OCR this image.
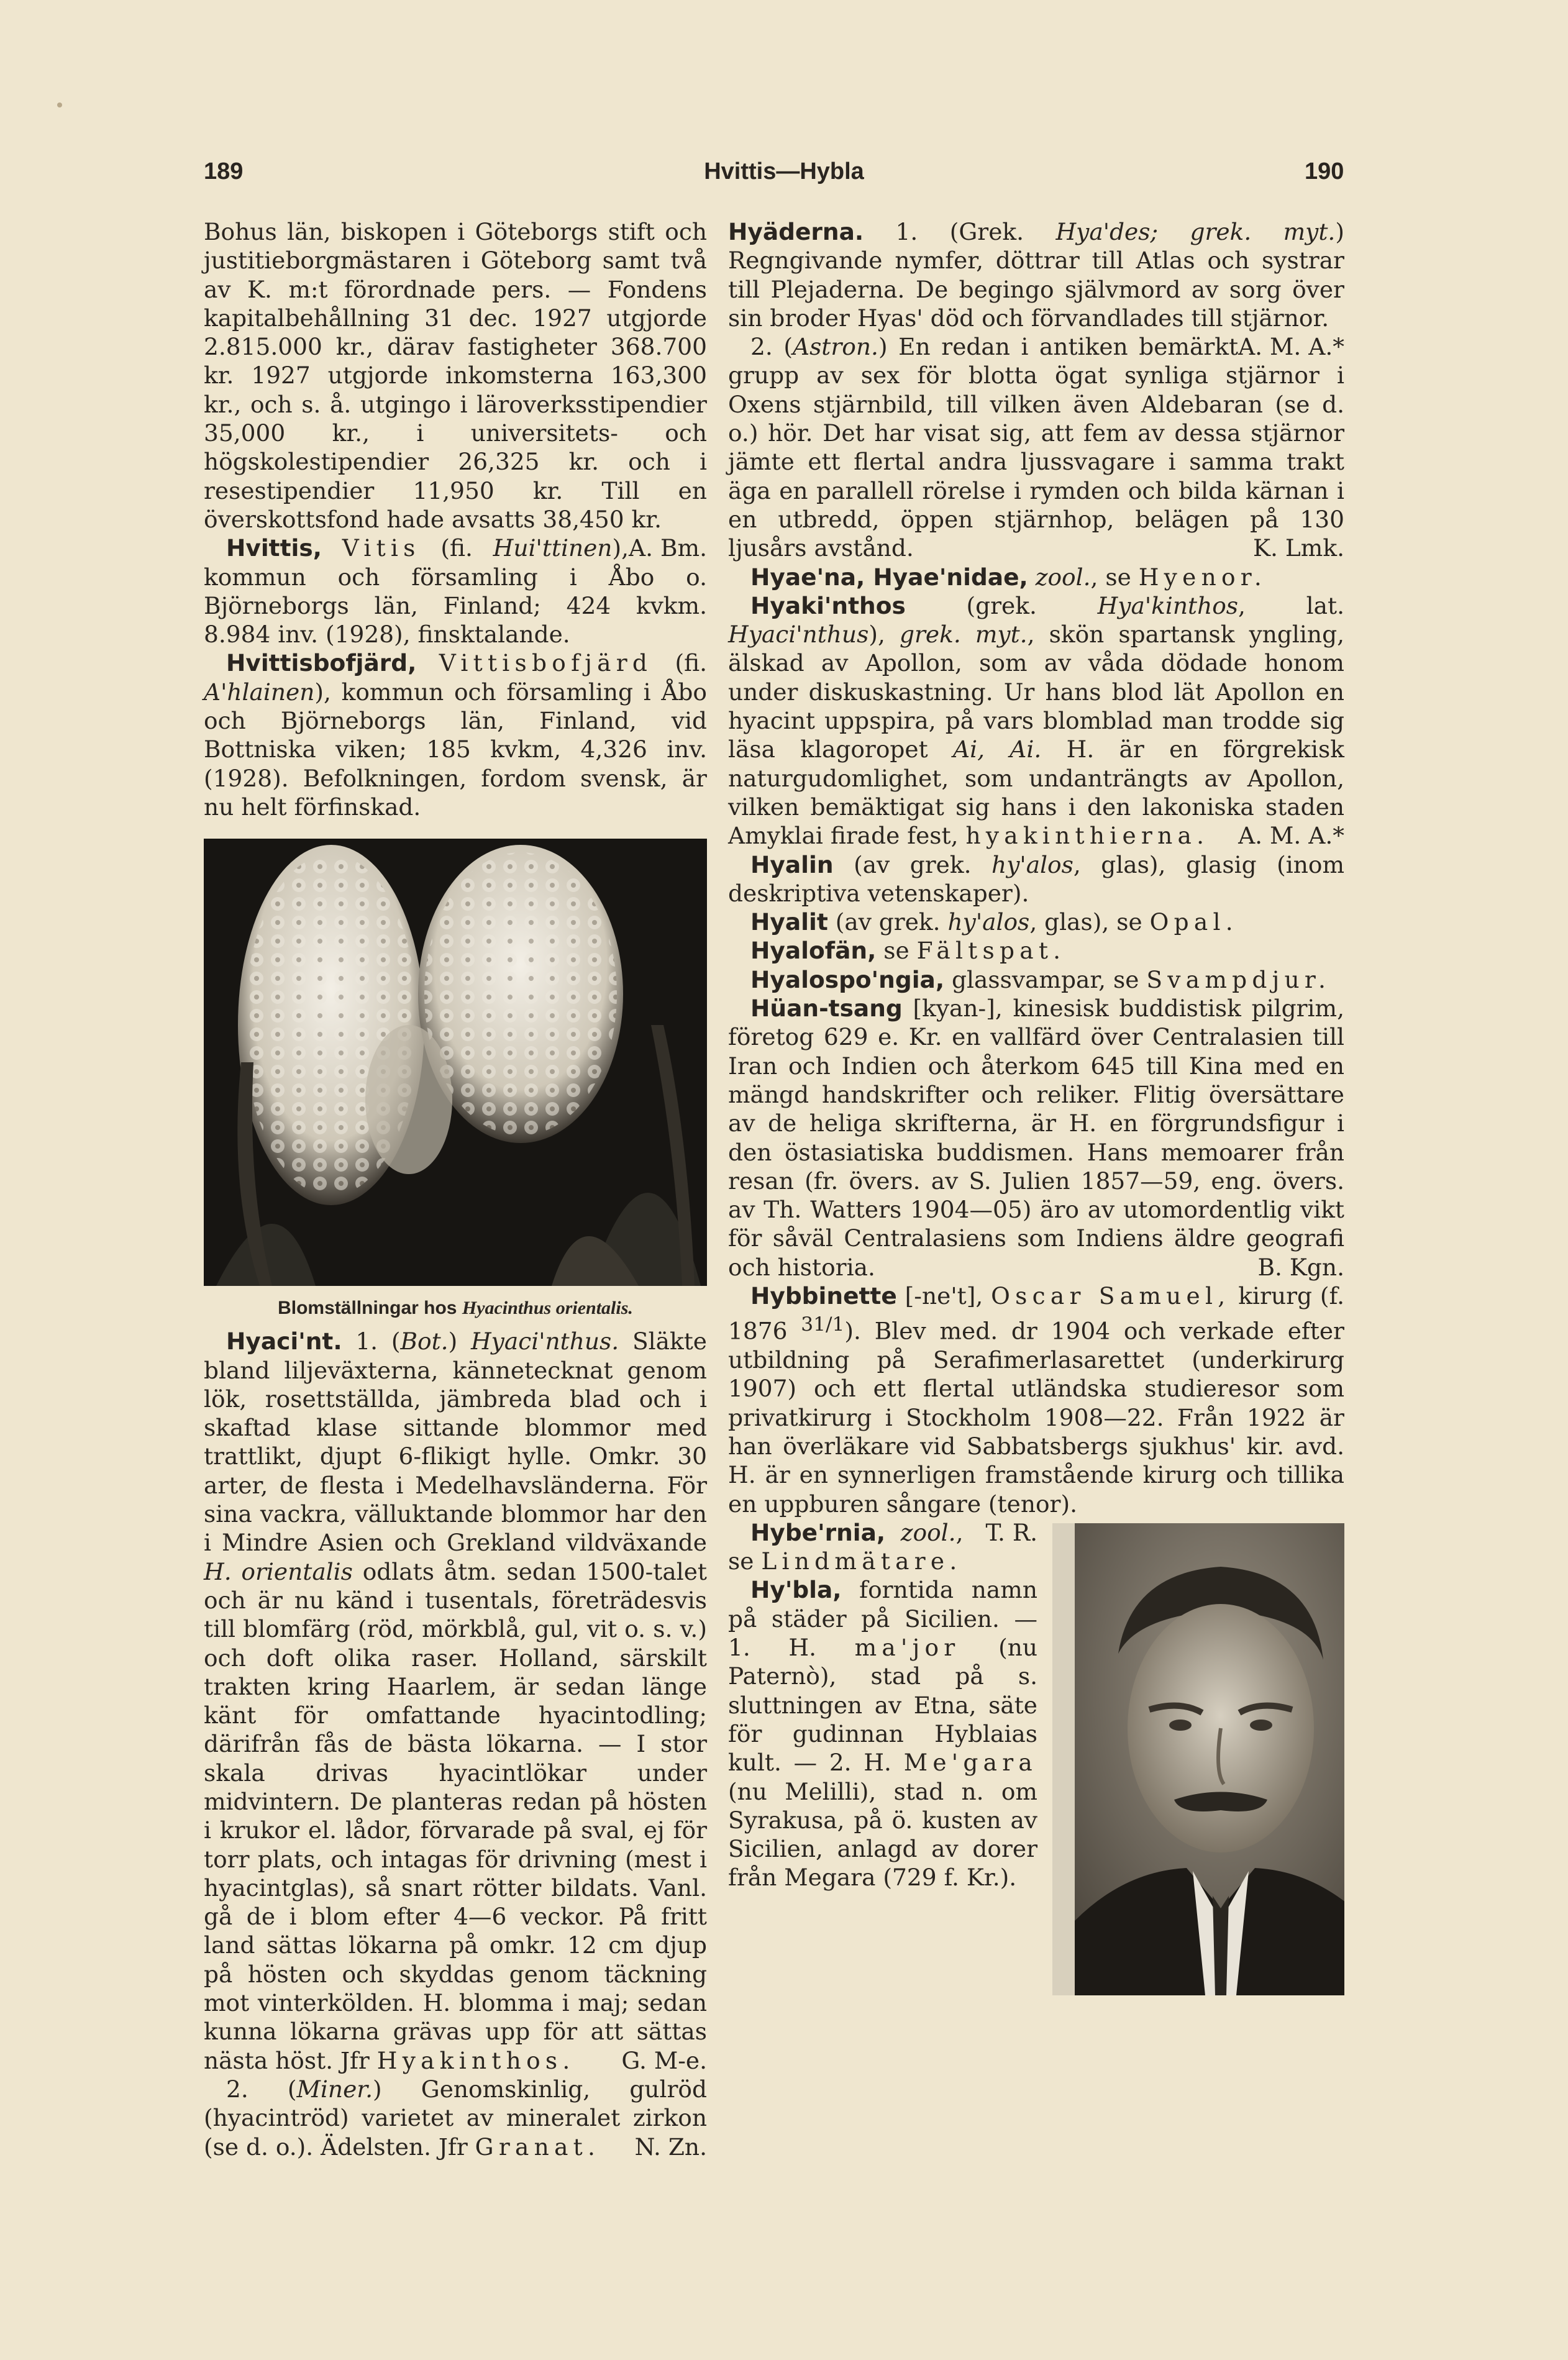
189	Hvittis—Hybla	190

Bohus län, biskopen i Göteborgs stift och justitieborgmästaren i Göteborg samt två av K. m:t förordnade pers. — Fondens kapitalbehållning 31 dec. 1927 utgjorde 2.815.000 kr., därav fastigheter 368.700 kr. 1927 utgjorde inkomsterna 163,300 kr., och s. å. utgingo i läroverksstipendier 35,000 kr., i universitets- och högskolestipendier 26,325 kr. och i resestipendier 11,950 kr. Till en överskottsfond hade avsatts 38,450 kr.
A. Bm.

Hvittis, Vitis (fi. Hui'ttinen), kommun och församling i Åbo o. Björneborgs län, Finland; 424 kvkm. 8.984 inv. (1928), finsktalande.

Hvittisbofjärd, Vittisbofjärd (fi. A'hlainen), kommun och församling i Åbo och Björneborgs län, Finland, vid Bottniska viken; 185 kvkm, 4,326 inv. (1928). Befolkningen, fordom svensk, är nu helt förfinskad.

Blomställningar hos Hyacinthus orientalis.

Hyaci'nt. 1. (Bot.) Hyaci'nthus. Släkte bland liljeväxterna, kännetecknat genom lök, rosettställda, jämbreda blad och i skaftad klase sittande blommor med trattlikt, djupt 6-flikigt hylle. Omkr. 30 arter, de flesta i Medelhavsländerna. För sina vackra, välluktande blommor har den i Mindre Asien och Grekland vildväxande H. orientalis odlats åtm. sedan 1500-talet och är nu känd i tusentals, företrädesvis till blomfärg (röd, mörkblå, gul, vit o. s. v.) och doft olika raser. Holland, särskilt trakten kring Haarlem, är sedan länge känt för omfattande hyacintodling; därifrån fås de bästa lökarna. — I stor skala drivas hyacintlökar under midvintern. De planteras redan på hösten i krukor el. lådor, förvarade på sval, ej för torr plats, och intagas för drivning (mest i hyacintglas), så snart rötter bildats. Vanl. gå de i blom efter 4—6 veckor. På fritt land sättas lökarna på omkr. 12 cm djup på hösten och skyddas genom täckning mot vinterkölden. H. blomma i maj; sedan kunna lökarna grävas upp för att sättas nästa höst. Jfr Hyakinthos.	G. M-e.

2. (Miner.) Genomskinlig, gulröd (hyacintröd) varietet av mineralet zirkon (se d. o.). Ädelsten. Jfr Granat.	N. Zn.

Hyäderna. 1. (Grek. Hya'des; grek. myt.) Regngivande nymfer, döttrar till Atlas och systrar till Plejaderna. De begingo självmord av sorg över sin broder Hyas' död och förvandlades till stjärnor.
A. M. A.*

2. (Astron.) En redan i antiken bemärkt grupp av sex för blotta ögat synliga stjärnor i Oxens stjärnbild, till vilken även Aldebaran (se d. o.) hör. Det har visat sig, att fem av dessa stjärnor jämte ett flertal andra ljussvagare i samma trakt äga en parallell rörelse i rymden och bilda kärnan i en utbredd, öppen stjärnhop, belägen på 130 ljusårs avstånd.	K. Lmk.

Hyae'na, Hyae'nidae, zool., se Hyenor.

Hyaki'nthos (grek. Hya'kinthos, lat. Hyaci'nthus), grek. myt., skön spartansk yngling, älskad av Apollon, som av våda dödade honom under diskuskastning. Ur hans blod lät Apollon en hyacint uppspira, på vars blomblad man trodde sig läsa klagoropet Ai, Ai. H. är en förgrekisk naturgudomlighet, som undanträngts av Apollon, vilken bemäktigat sig hans i den lakoniska staden Amyklai firade fest, hyakinthierna.	A. M. A.*

Hyalin (av grek. hy'alos, glas), glasig (inom deskriptiva vetenskaper).

Hyalit (av grek. hy'alos, glas), se Opal.

Hyalofän, se Fältspat.

Hyalospo'ngia, glassvampar, se Svampdjur.

Hüan-tsang [kyan-], kinesisk buddistisk pilgrim, företog 629 e. Kr. en vallfärd över Centralasien till Iran och Indien och återkom 645 till Kina med en mängd handskrifter och reliker. Flitig översättare av de heliga skrifterna, är H. en förgrundsfigur i den östasiatiska buddismen. Hans memoarer från resan (fr. övers. av S. Julien 1857—59, eng. övers. av Th. Watters 1904—05) äro av utomordentlig vikt för såväl Centralasiens som Indiens äldre geografi och historia.	B. Kgn.

Hybbinette [-ne't], Oscar Samuel, kirurg (f. 1876 $^{31/1}$). Blev med. dr 1904 och verkade efter utbildning på Serafimerlasarettet (underkirurg 1907) och ett flertal utländska studieresor som privatkirurg i Stockholm 1908—22. Från 1922 är han överläkare vid Sabbatsbergs sjukhus' kir. avd. H. är en synnerligen framstående kirurg och tillika en uppburen sångare (tenor).
T. R.

Hybe'rnia, zool., se Lindmätare.

Hy'bla, forntida namn på städer på Sicilien. — 1. H. ma'jor (nu Paternò), stad på s. sluttningen av Etna, säte för gudinnan Hyblaias kult. — 2. H. Me'gara (nu Melilli), stad n. om Syrakusa, på ö. kusten av Sicilien, anlagd av dorer från Megara (729 f. Kr.).
